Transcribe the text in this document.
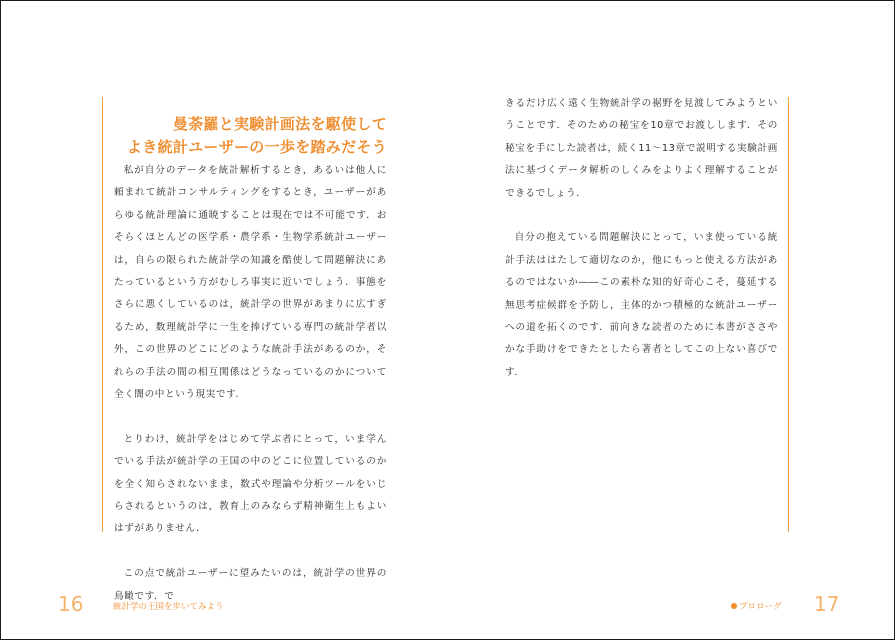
曼荼羅と実験計画法を駆使して
よき統計ユーザーの一歩を踏みだそう

私が自分のデータを統計解析するとき，あるいは他人に頼まれて統計コンサルティングをするとき，ユーザーがあらゆる統計理論に通暁することは現在では不可能です．おそらくほとんどの医学系・農学系・生物学系統計ユーザーは，自らの限られた統計学の知識を酷使して問題解決にあたっているという方がむしろ事実に近いでしょう．事態をさらに悪くしているのは，統計学の世界があまりに広すぎるため，数理統計学に一生を捧げている専門の統計学者以外，この世界のどこにどのような統計手法があるのか，それらの手法の間の相互関係はどうなっているのかについて全く闇の中という現実です．

とりわけ，統計学をはじめて学ぶ者にとって，いま学んでいる手法が統計学の王国の中のどこに位置しているのかを全く知らされないまま，数式や理論や分析ツールをいじらされるというのは，教育上のみならず精神衛生上もよいはずがありません．

この点で統計ユーザーに望みたいのは，統計学の世界の鳥瞰です．で

16	統計学の王国を歩いてみよう

きるだけ広く遠く生物統計学の裾野を見渡してみようということです．そのための秘宝を10章でお渡しします．その秘宝を手にした読者は，続く11～13章で説明する実験計画法に基づくデータ解析のしくみをよりよく理解することができるでしょう．

自分の抱えている問題解決にとって，いま使っている統計手法ははたして適切なのか，他にもっと使える方法があるのではないか――この素朴な知的好奇心こそ，蔓延する無思考症候群を予防し，主体的かつ積極的な統計ユーザーへの道を拓くのです．前向きな読者のために本書がささやかな手助けをできたとしたら著者としてこの上ない喜びです．

プロローグ 17
